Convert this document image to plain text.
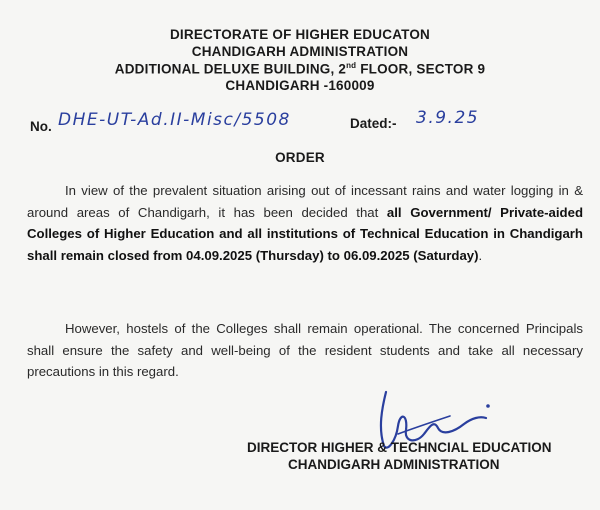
DIRECTORATE OF HIGHER EDUCATON
CHANDIGARH ADMINISTRATION
ADDITIONAL DELUXE BUILDING, 2nd FLOOR, SECTOR 9
CHANDIGARH -160009
No. DHE-UT-Ad.II-Misc/5508	Dated:- 3.9.25
ORDER
In view of the prevalent situation arising out of incessant rains and water logging in & around areas of Chandigarh, it has been decided that all Government/ Private-aided Colleges of Higher Education and all institutions of Technical Education in Chandigarh shall remain closed from 04.09.2025 (Thursday) to 06.09.2025 (Saturday).
However, hostels of the Colleges shall remain operational. The concerned Principals shall ensure the safety and well-being of the resident students and take all necessary precautions in this regard.
DIRECTOR HIGHER & TECHNCIAL EDUCATION
CHANDIGARH ADMINISTRATION
